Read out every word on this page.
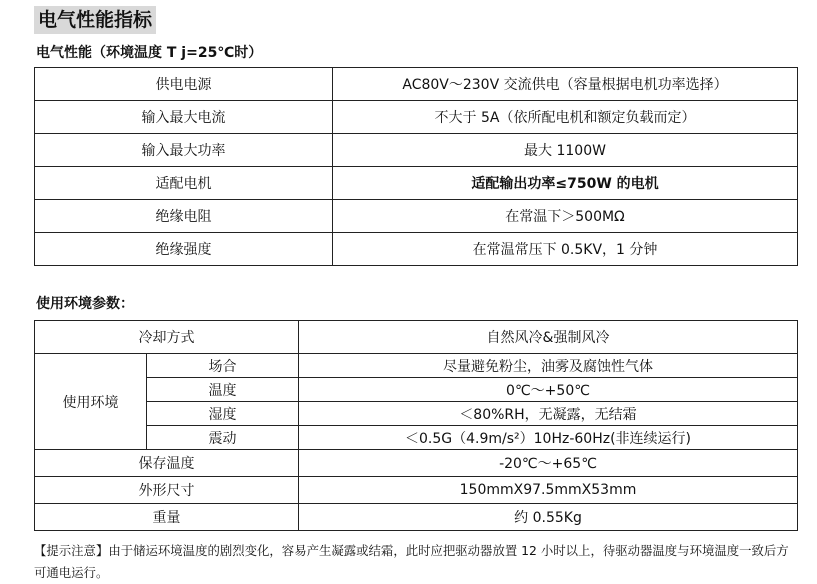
电气性能指标
电气性能（环境温度 T j=25℃时）
供电电源	AC80V～230V 交流供电（容量根据电机功率选择）
输入最大电流	不大于 5A（依所配电机和额定负载而定）
输入最大功率	最大 1100W
适配电机	适配输出功率≤750W 的电机
绝缘电阻	在常温下＞500MΩ
绝缘强度	在常温常压下 0.5KV，1 分钟
使用环境参数：
冷却方式		自然风冷&强制风冷
使用环境	场合	尽量避免粉尘，油雾及腐蚀性气体
	温度	0℃～+50℃
	湿度	＜80%RH，无凝露，无结霜
	震动	＜0.5G（4.9m/s²）10Hz-60Hz(非连续运行)
保存温度		-20℃～+65℃
外形尺寸		150mmX97.5mmX53mm
重量		约 0.55Kg
【提示注意】由于储运环境温度的剧烈变化，容易产生凝露或结霜，此时应把驱动器放置 12 小时以上，待驱动器温度与环境温度一致后方可通电运行。
